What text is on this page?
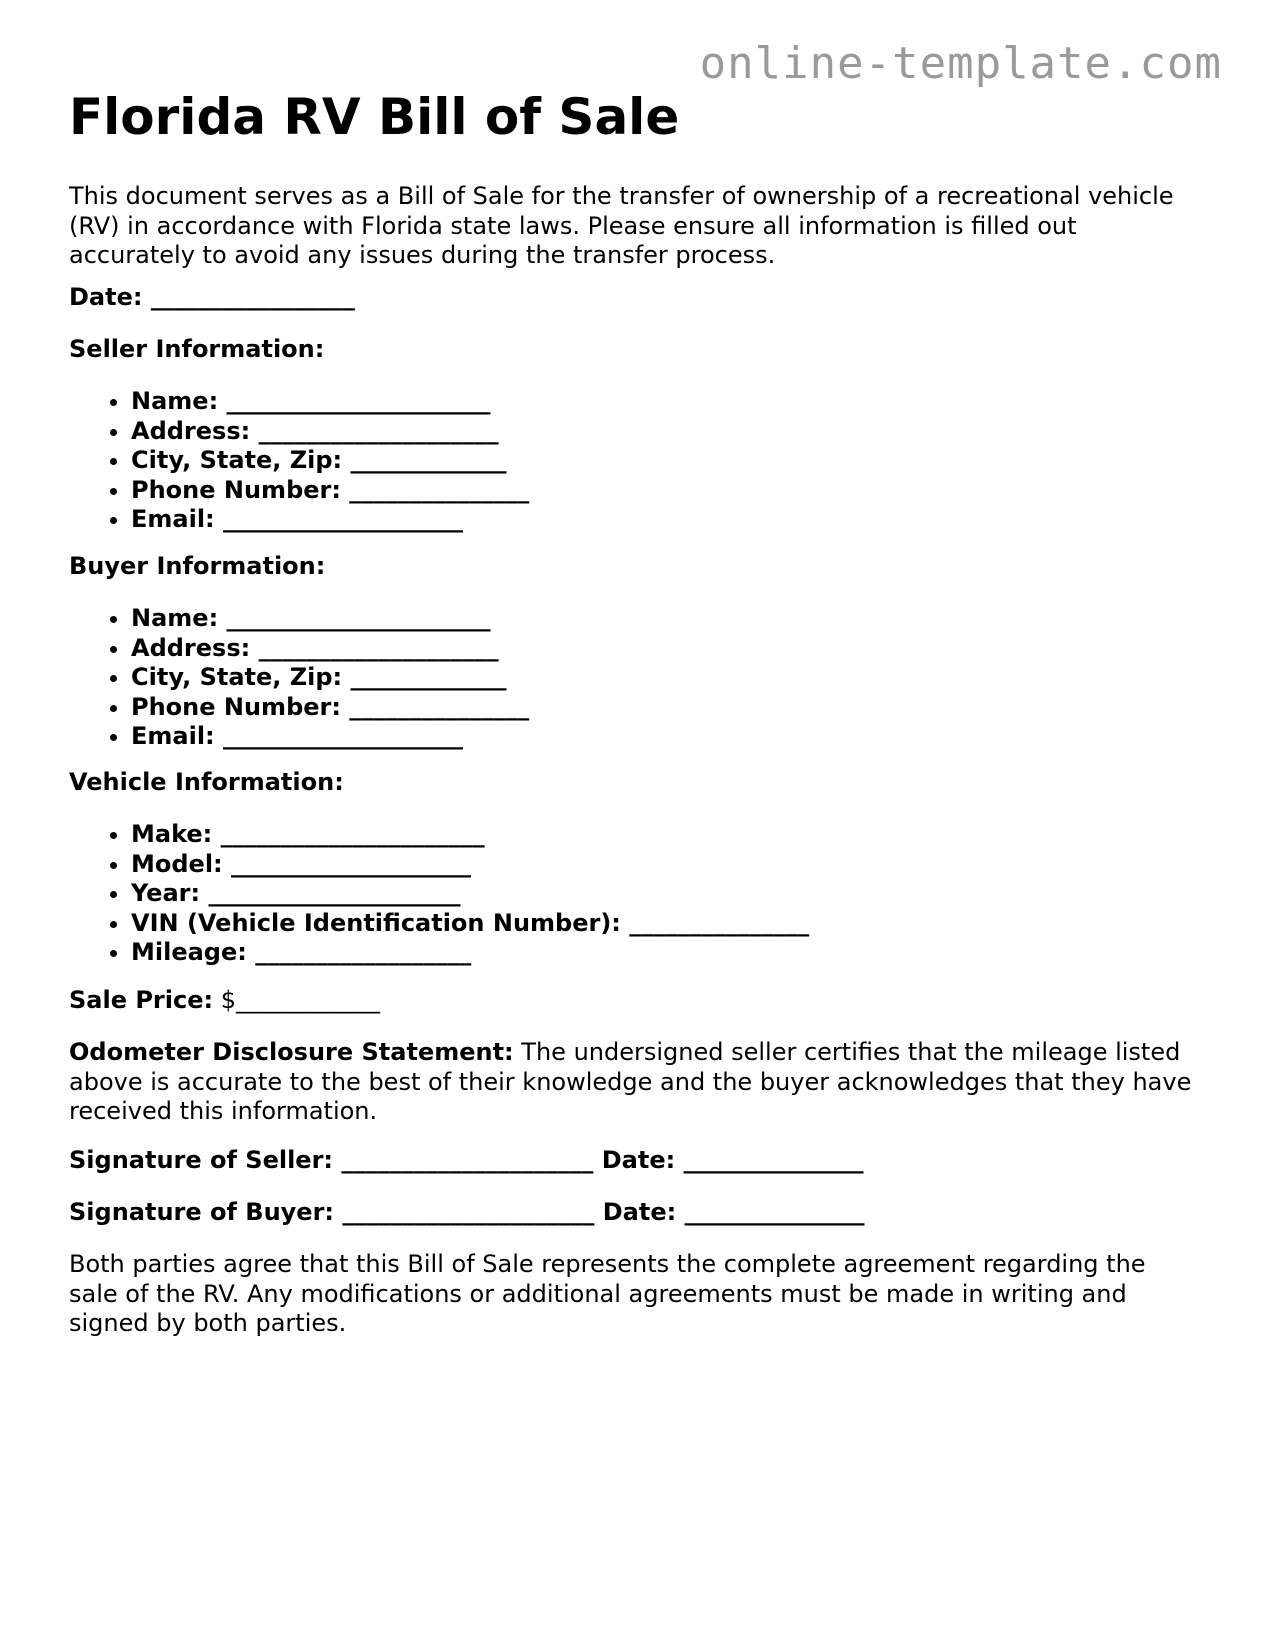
online-template.com
Florida RV Bill of Sale

This document serves as a Bill of Sale for the transfer of ownership of a recreational vehicle (RV) in accordance with Florida state laws. Please ensure all information is filled out accurately to avoid any issues during the transfer process.

Date: _________________
Seller Information:
• Name: ______________________
• Address: ____________________
• City, State, Zip: _____________
• Phone Number: _______________
• Email: ____________________
Buyer Information:
• Name: ______________________
• Address: ____________________
• City, State, Zip: _____________
• Phone Number: _______________
• Email: ____________________
Vehicle Information:
• Make: ______________________
• Model: ____________________
• Year: _____________________
• VIN (Vehicle Identification Number): _______________
• Mileage: __________________
Sale Price: $____________

Odometer Disclosure Statement: The undersigned seller certifies that the mileage listed above is accurate to the best of their knowledge and the buyer acknowledges that they have received this information.

Signature of Seller: _____________________ Date: _______________
Signature of Buyer: _____________________ Date: _______________

Both parties agree that this Bill of Sale represents the complete agreement regarding the sale of the RV. Any modifications or additional agreements must be made in writing and signed by both parties.
